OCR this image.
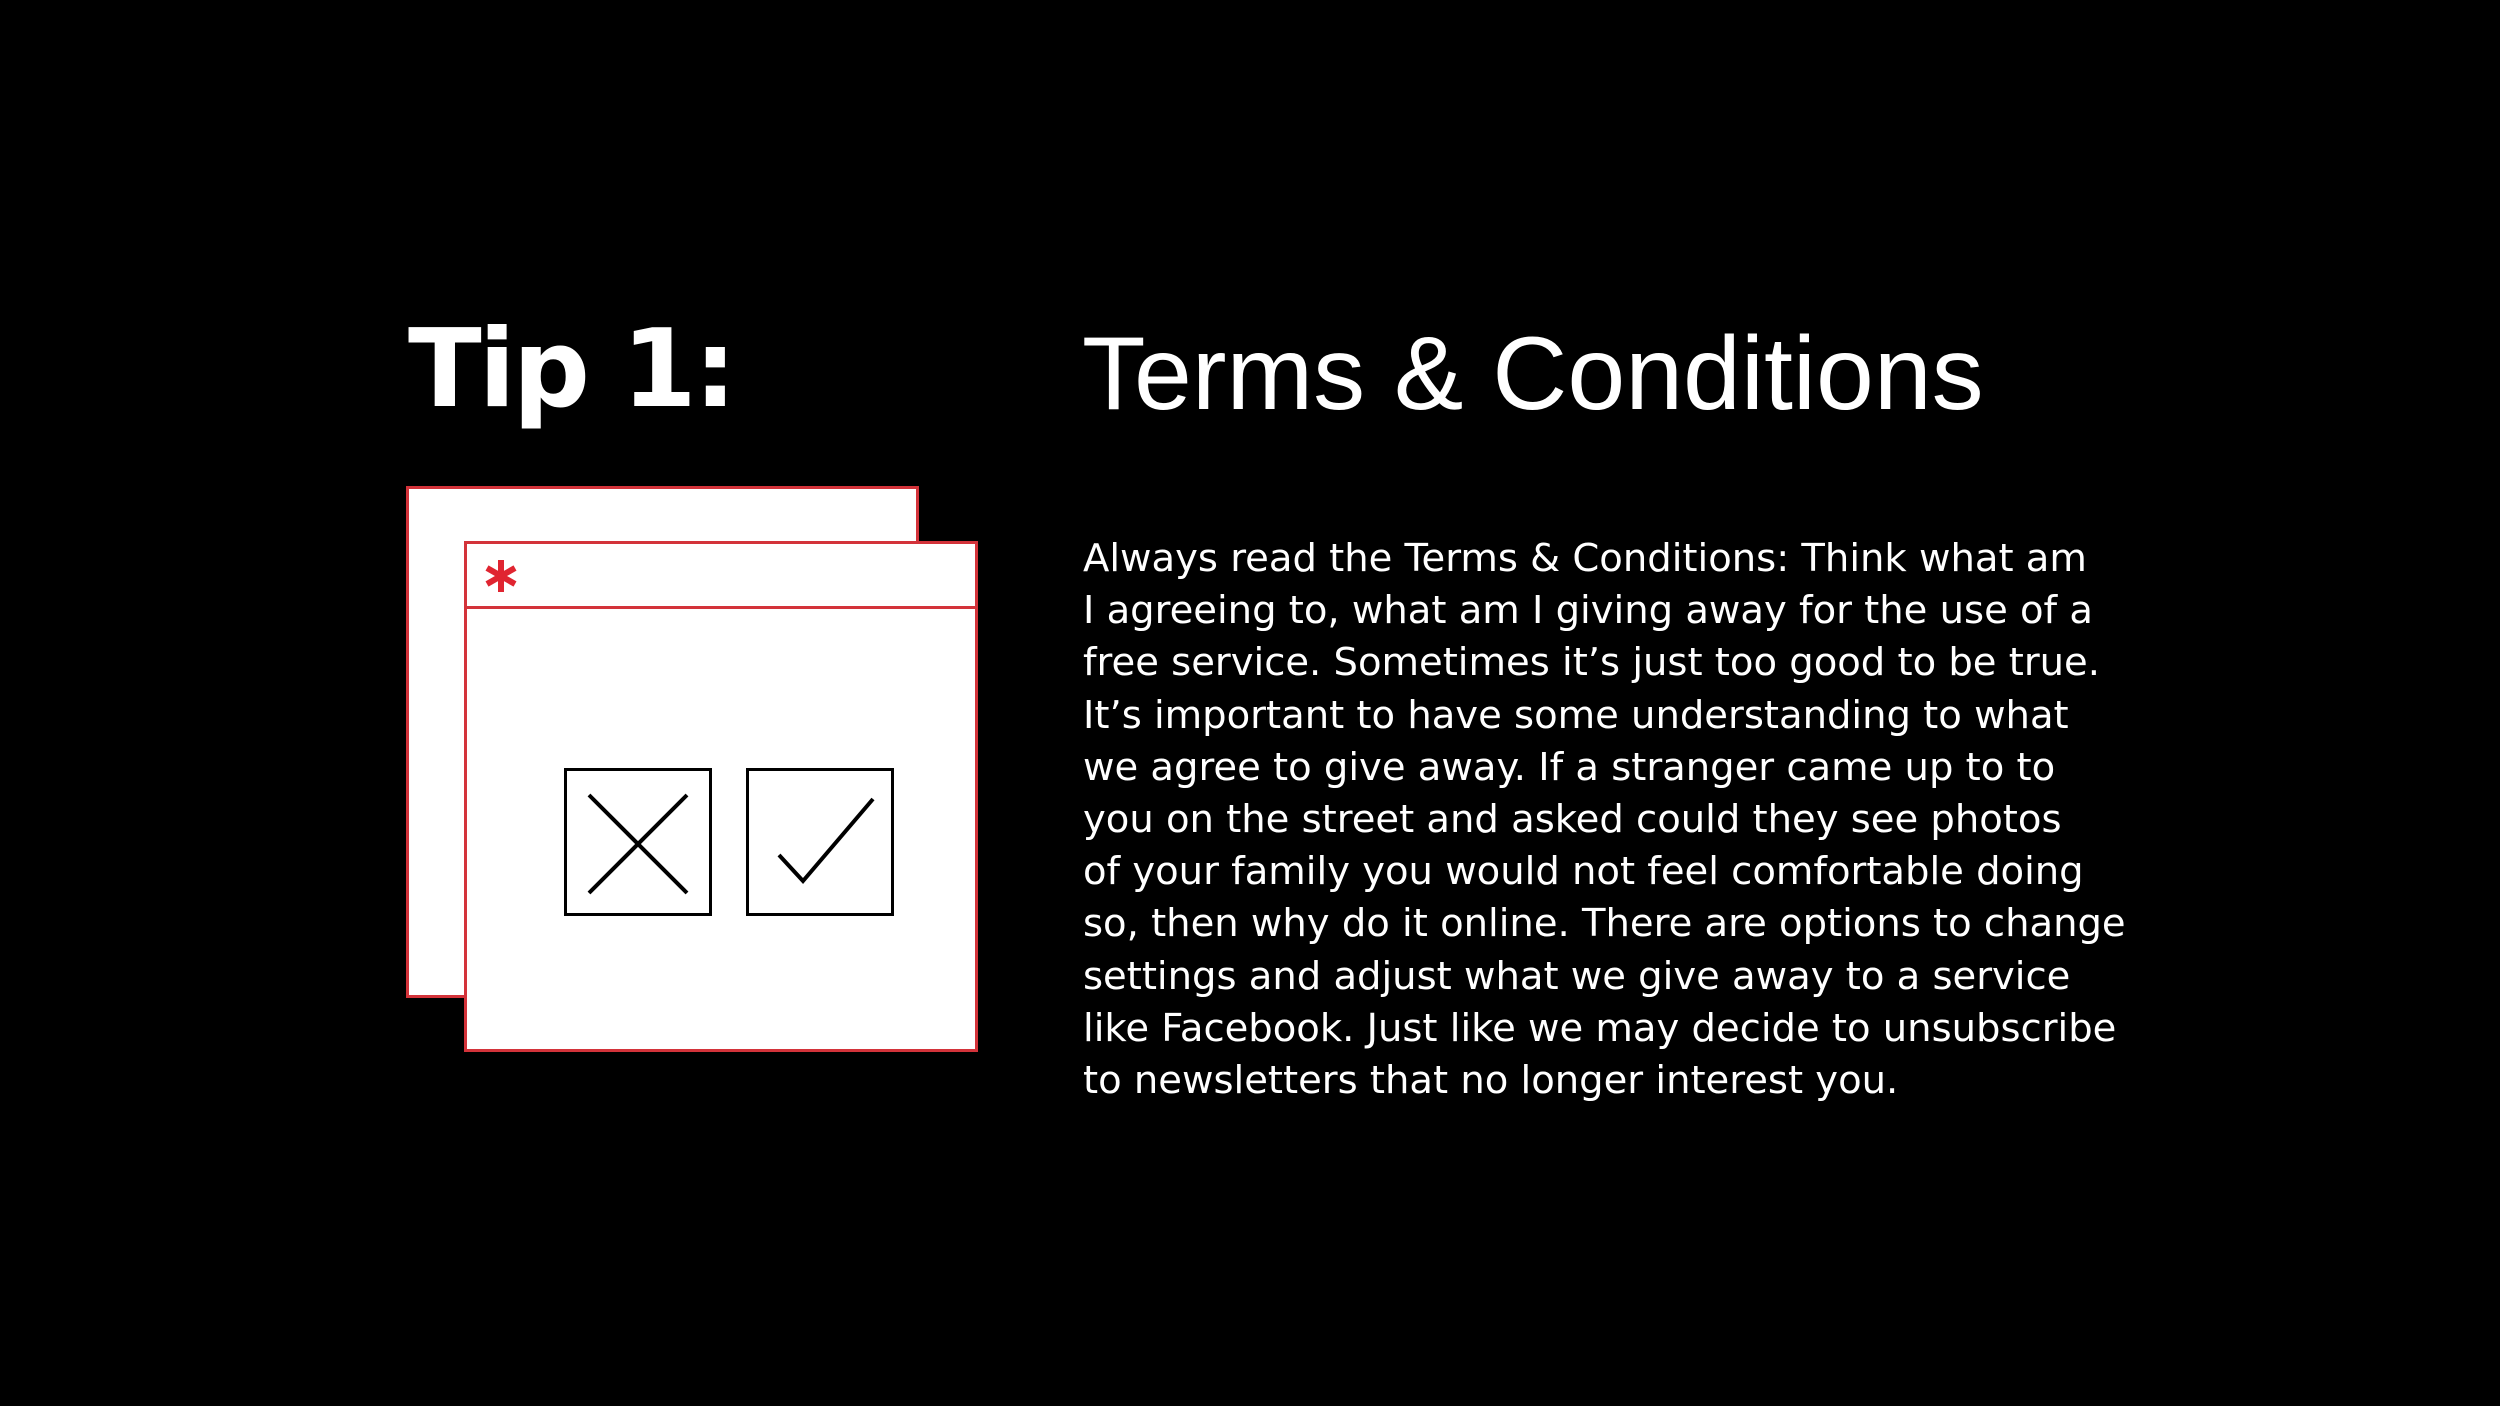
Tip 1:	Terms & Conditions
Always read the Terms & Conditions: Think what am
I agreeing to, what am I giving away for the use of a
free service. Sometimes it’s just too good to be true.
It’s important to have some understanding to what
we agree to give away. If a stranger came up to to
you on the street and asked could they see photos
of your family you would not feel comfortable doing
so, then why do it online. There are options to change
settings and adjust what we give away to a service
like Facebook. Just like we may decide to unsubscribe
to newsletters that no longer interest you.
